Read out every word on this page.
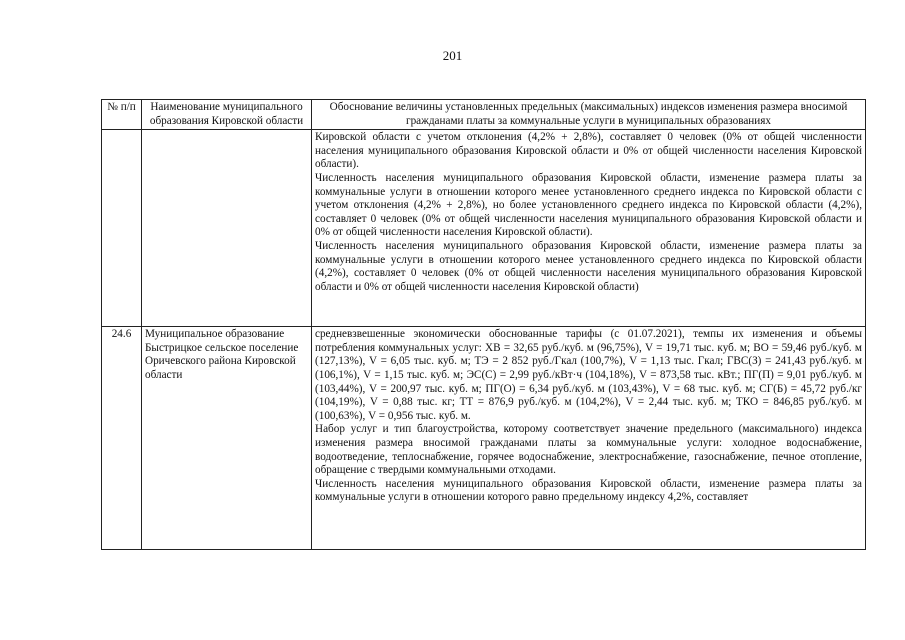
201
№ п/п	Наименование муниципального образования Кировской области	Обоснование величины установленных предельных (максимальных) индексов изменения размера вносимой гражданами платы за коммунальные услуги в муниципальных образованиях

		Кировской области с учетом отклонения (4,2% + 2,8%), составляет 0 человек (0% от общей численности населения муниципального образования Кировской области и 0% от общей численности населения Кировской области).

Численность населения муниципального образования Кировской области, изменение размера платы за коммунальные услуги в отношении которого менее установленного среднего индекса по Кировской области с учетом отклонения (4,2% + 2,8%), но более установленного среднего индекса по Кировской области (4,2%), составляет 0 человек (0% от общей численности населения муниципального образования Кировской области и 0% от общей численности населения Кировской области).

Численность населения муниципального образования Кировской области, изменение размера платы за коммунальные услуги в отношении которого менее установленного среднего индекса по Кировской области (4,2%), составляет 0 человек (0% от общей численности населения муниципального образования Кировской области и 0% от общей численности населения Кировской области)

24.6	Муниципальное образование Быстрицкое сельское поселение Оричевского района Кировской области	средневзвешенные экономически обоснованные тарифы (с 01.07.2021), темпы их изменения и объемы потребления коммунальных услуг: ХВ = 32,65 руб./куб. м (96,75%), V = 19,71 тыс. куб. м; ВО = 59,46 руб./куб. м (127,13%), V = 6,05 тыс. куб. м; ТЭ = 2 852 руб./Гкал (100,7%), V = 1,13 тыс. Гкал; ГВС(З) = 241,43 руб./куб. м (106,1%), V = 1,15 тыс. куб. м; ЭС(С) = 2,99 руб./кВт·ч (104,18%), V = 873,58 тыс. кВт.; ПГ(П) = 9,01 руб./куб. м (103,44%), V = 200,97 тыс. куб. м; ПГ(О) = 6,34 руб./куб. м (103,43%), V = 68 тыс. куб. м; СГ(Б) = 45,72 руб./кг (104,19%), V = 0,88 тыс. кг; ТТ = 876,9 руб./куб. м (104,2%), V = 2,44 тыс. куб. м; ТКО = 846,85 руб./куб. м (100,63%), V = 0,956 тыс. куб. м.

Набор услуг и тип благоустройства, которому соответствует значение предельного (максимального) индекса изменения размера вносимой гражданами платы за коммунальные услуги: холодное водоснабжение, водоотведение, теплоснабжение, горячее водоснабжение, электроснабжение, газоснабжение, печное отопление, обращение с твердыми коммунальными отходами.

Численность населения муниципального образования Кировской области, изменение размера платы за коммунальные услуги в отношении которого равно предельному индексу 4,2%, составляет
